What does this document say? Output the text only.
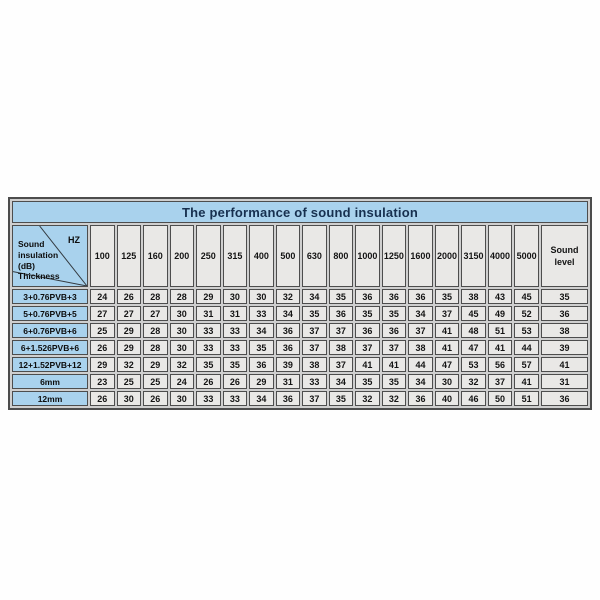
The performance of sound insulation																		

HZ
Sound insulation (dB)
Thickness	100	125	160	200	250	315	400	500	630	800	1000	1250	1600	2000	3150	4000	5000	Sound level
3+0.76PVB+3	24	26	28	28	29	30	30	32	34	35	36	36	36	35	38	43	45	35
5+0.76PVB+5	27	27	27	30	31	31	33	34	35	36	35	35	34	37	45	49	52	36
6+0.76PVB+6	25	29	28	30	33	33	34	36	37	37	36	36	37	41	48	51	53	38
6+1.526PVB+6	26	29	28	30	33	33	35	36	37	38	37	37	38	41	47	41	44	39
12+1.52PVB+12	29	32	29	32	35	35	36	39	38	37	41	41	44	47	53	56	57	41
6mm	23	25	25	24	26	26	29	31	33	34	35	35	34	30	32	37	41	31
12mm	26	30	26	30	33	33	34	36	37	35	32	32	36	40	46	50	51	36
